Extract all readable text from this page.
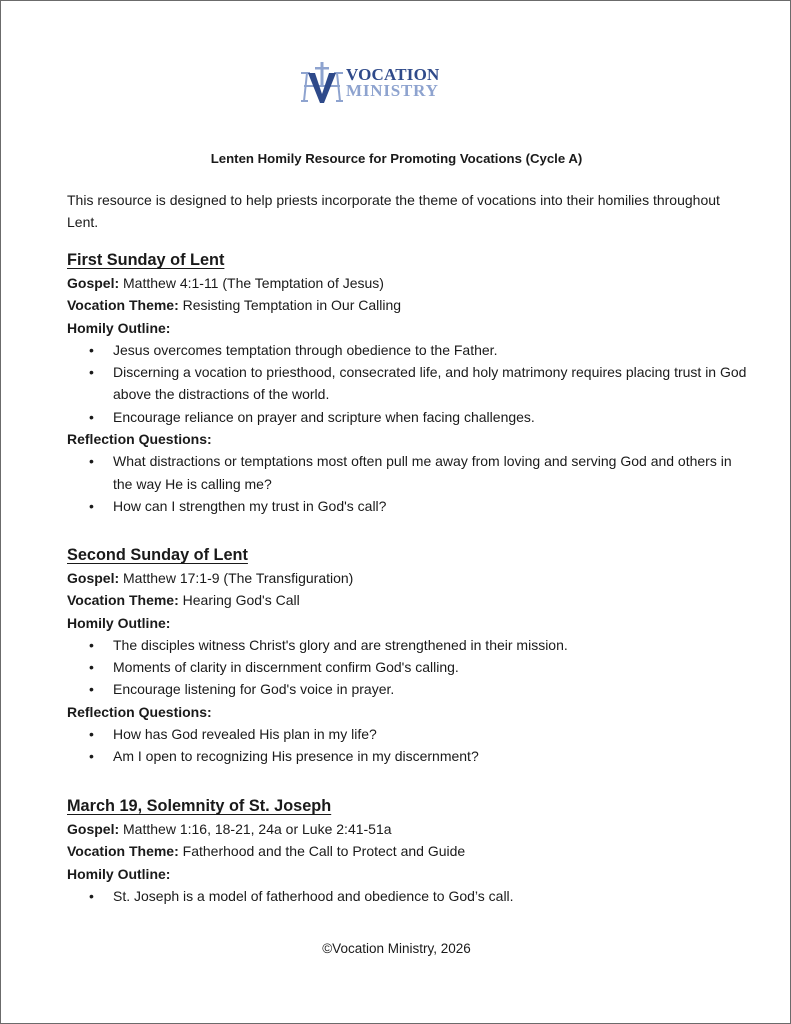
VOCATION
MINISTRY
Lenten Homily Resource for Promoting Vocations (Cycle A)
This resource is designed to help priests incorporate the theme of vocations into their homilies throughout Lent.
First Sunday of Lent
Gospel: Matthew 4:1-11 (The Temptation of Jesus)
Vocation Theme: Resisting Temptation in Our Calling
Homily Outline:
• Jesus overcomes temptation through obedience to the Father.
• Discerning a vocation to priesthood, consecrated life, and holy matrimony requires placing trust in God above the distractions of the world.
• Encourage reliance on prayer and scripture when facing challenges.
Reflection Questions:
• What distractions or temptations most often pull me away from loving and serving God and others in the way He is calling me?
• How can I strengthen my trust in God's call?
Second Sunday of Lent
Gospel: Matthew 17:1-9 (The Transfiguration)
Vocation Theme: Hearing God's Call
Homily Outline:
• The disciples witness Christ's glory and are strengthened in their mission.
• Moments of clarity in discernment confirm God's calling.
• Encourage listening for God's voice in prayer.
Reflection Questions:
• How has God revealed His plan in my life?
• Am I open to recognizing His presence in my discernment?
March 19, Solemnity of St. Joseph
Gospel: Matthew 1:16, 18-21, 24a or Luke 2:41-51a
Vocation Theme: Fatherhood and the Call to Protect and Guide
Homily Outline:
• St. Joseph is a model of fatherhood and obedience to God’s call.
©Vocation Ministry, 2026
